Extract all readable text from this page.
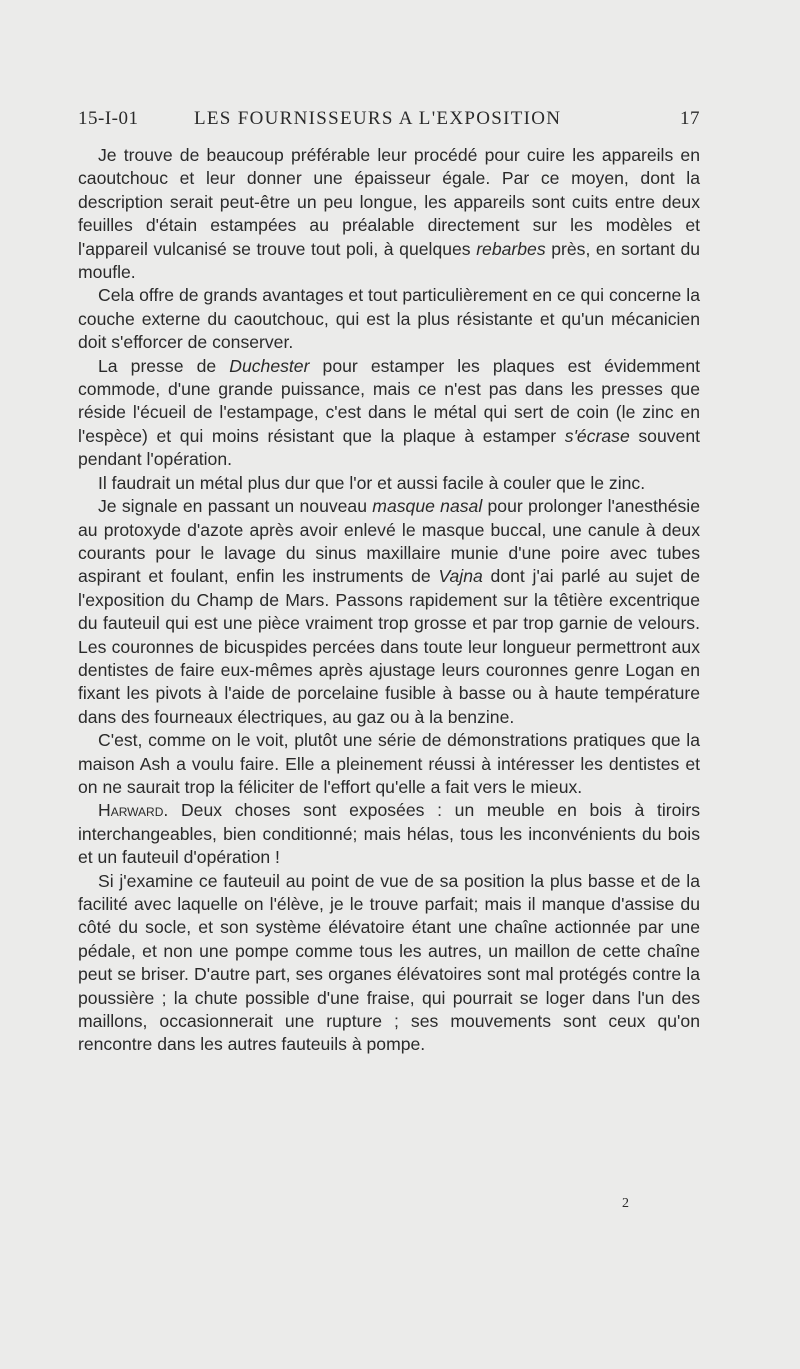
15-I-01	LES FOURNISSEURS A L'EXPOSITION	17

Je trouve de beaucoup préférable leur procédé pour cuire les appareils en caoutchouc et leur donner une épaisseur égale. Par ce moyen, dont la description serait peut-être un peu longue, les appareils sont cuits entre deux feuilles d'étain estampées au préalable directement sur les modèles et l'appareil vulcanisé se trouve tout poli, à quelques rebarbes près, en sortant du moufle.

Cela offre de grands avantages et tout particulièrement en ce qui concerne la couche externe du caoutchouc, qui est la plus résistante et qu'un mécanicien doit s'efforcer de conserver.

La presse de Duchester pour estamper les plaques est évidemment commode, d'une grande puissance, mais ce n'est pas dans les presses que réside l'écueil de l'estampage, c'est dans le métal qui sert de coin (le zinc en l'espèce) et qui moins résistant que la plaque à estamper s'écrase souvent pendant l'opération.

Il faudrait un métal plus dur que l'or et aussi facile à couler que le zinc.

Je signale en passant un nouveau masque nasal pour prolonger l'anesthésie au protoxyde d'azote après avoir enlevé le masque buccal, une canule à deux courants pour le lavage du sinus maxillaire munie d'une poire avec tubes aspirant et foulant, enfin les instruments de Vajna dont j'ai parlé au sujet de l'exposition du Champ de Mars. Passons rapidement sur la têtière excentrique du fauteuil qui est une pièce vraiment trop grosse et par trop garnie de velours. Les couronnes de bicuspides percées dans toute leur longueur permettront aux dentistes de faire eux-mêmes après ajustage leurs couronnes genre Logan en fixant les pivots à l'aide de porcelaine fusible à basse ou à haute température dans des fourneaux électriques, au gaz ou à la benzine.

C'est, comme on le voit, plutôt une série de démonstrations pratiques que la maison Ash a voulu faire. Elle a pleinement réussi à intéresser les dentistes et on ne saurait trop la féliciter de l'effort qu'elle a fait vers le mieux.

Harward. Deux choses sont exposées : un meuble en bois à tiroirs interchangeables, bien conditionné; mais hélas, tous les inconvénients du bois et un fauteuil d'opération !

Si j'examine ce fauteuil au point de vue de sa position la plus basse et de la facilité avec laquelle on l'élève, je le trouve parfait; mais il manque d'assise du côté du socle, et son système élévatoire étant une chaîne actionnée par une pédale, et non une pompe comme tous les autres, un maillon de cette chaîne peut se briser. D'autre part, ses organes élévatoires sont mal protégés contre la poussière ; la chute possible d'une fraise, qui pourrait se loger dans l'un des maillons, occasionnerait une rupture ; ses mouvements sont ceux qu'on rencontre dans les autres fauteuils à pompe.

2
